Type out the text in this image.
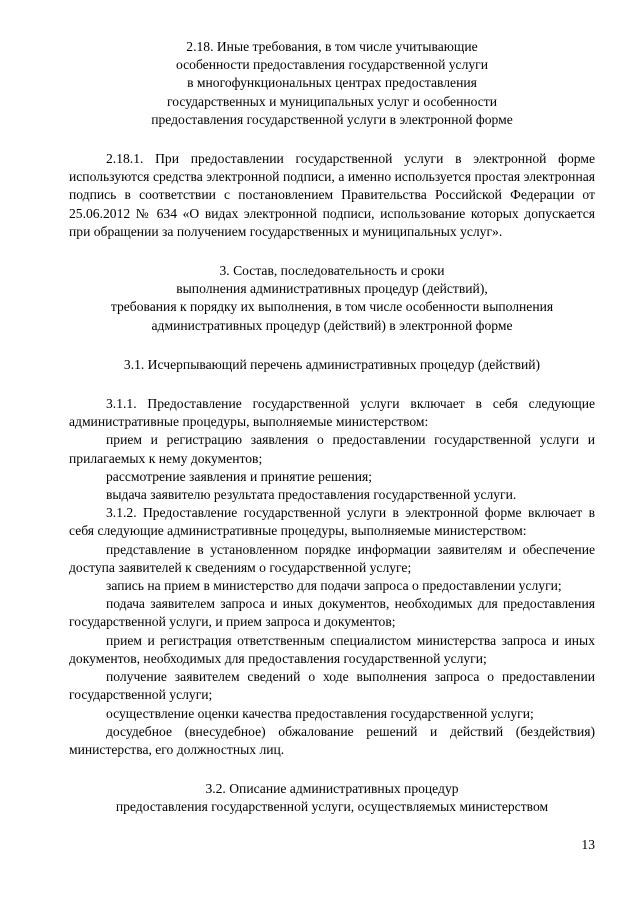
2.18. Иные требования, в том числе учитывающие
особенности предоставления государственной услуги
в многофункциональных центрах предоставления
государственных и муниципальных услуг и особенности
предоставления государственной услуги в электронной форме

2.18.1. При предоставлении государственной услуги в электронной форме используются средства электронной подписи, а именно используется простая электронная подпись в соответствии с постановлением Правительства Российской Федерации от 25.06.2012 № 634 «О видах электронной подписи, использование которых допускается при обращении за получением государственных и муниципальных услуг».

3. Состав, последовательность и сроки
выполнения административных процедур (действий),
требования к порядку их выполнения, в том числе особенности выполнения
административных процедур (действий) в электронной форме

3.1. Исчерпывающий перечень административных процедур (действий)

3.1.1. Предоставление государственной услуги включает в себя следующие административные процедуры, выполняемые министерством:

прием и регистрацию заявления о предоставлении государственной услуги и прилагаемых к нему документов;

рассмотрение заявления и принятие решения;

выдача заявителю результата предоставления государственной услуги.

3.1.2. Предоставление государственной услуги в электронной форме включает в себя следующие административные процедуры, выполняемые министерством:

представление в установленном порядке информации заявителям и обеспечение доступа заявителей к сведениям о государственной услуге;

запись на прием в министерство для подачи запроса о предоставлении услуги;

подача заявителем запроса и иных документов, необходимых для предоставления государственной услуги, и прием запроса и документов;

прием и регистрация ответственным специалистом министерства запроса и иных документов, необходимых для предоставления государственной услуги;

получение заявителем сведений о ходе выполнения запроса о предоставлении государственной услуги;

осуществление оценки качества предоставления государственной услуги;

досудебное (внесудебное) обжалование решений и действий (бездействия) министерства, его должностных лиц.

3.2. Описание административных процедур
предоставления государственной услуги, осуществляемых министерством
13
